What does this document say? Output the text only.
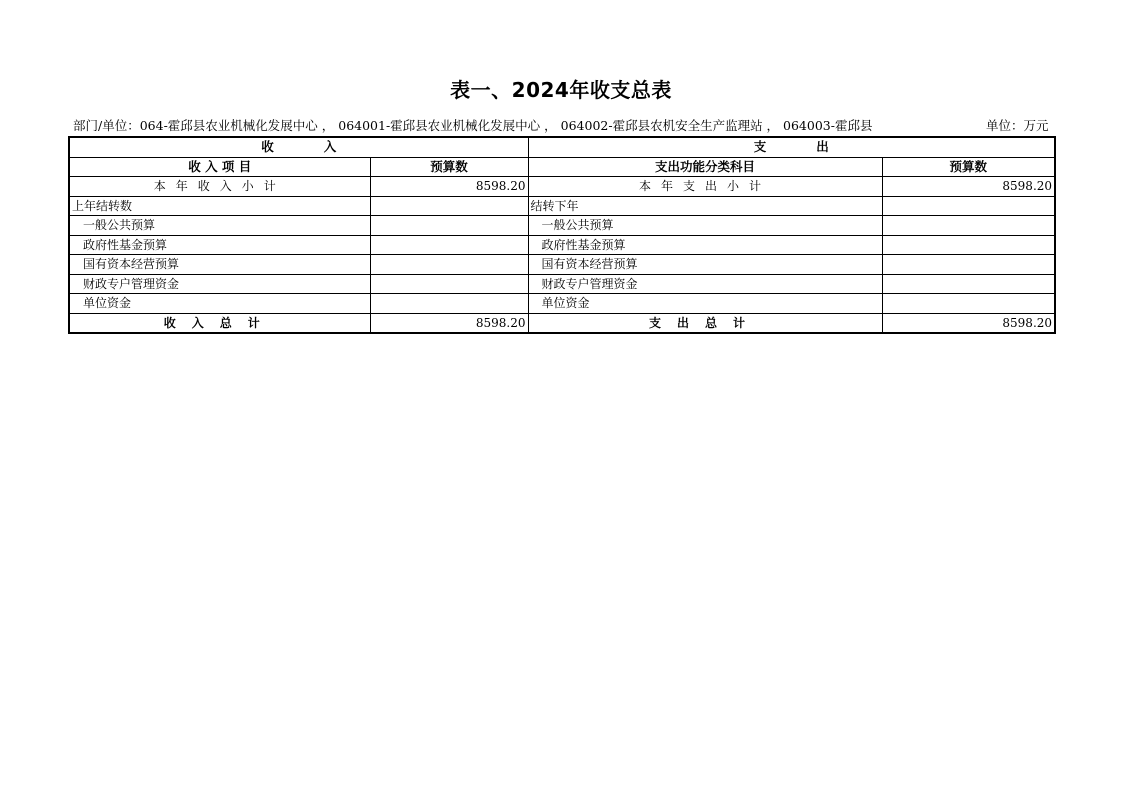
表一、2024年收支总表
部门/单位：064-霍邱县农业机械化发展中心 ， 064001-霍邱县农业机械化发展中心 ， 064002-霍邱县农机安全生产监理站 ， 064003-霍邱县	单位：万元
收　　　　入		支　　　　出	
收 入 项 目	预算数	支出功能分类科目	预算数
本年收入小计	8598.20	本年支出小计	8598.20
上年结转数		结转下年	
一般公共预算		一般公共预算	
政府性基金预算		政府性基金预算	
国有资本经营预算		国有资本经营预算	
财政专户管理资金		财政专户管理资金	
单位资金		单位资金	
收入总计	8598.20	支出总计	8598.20
